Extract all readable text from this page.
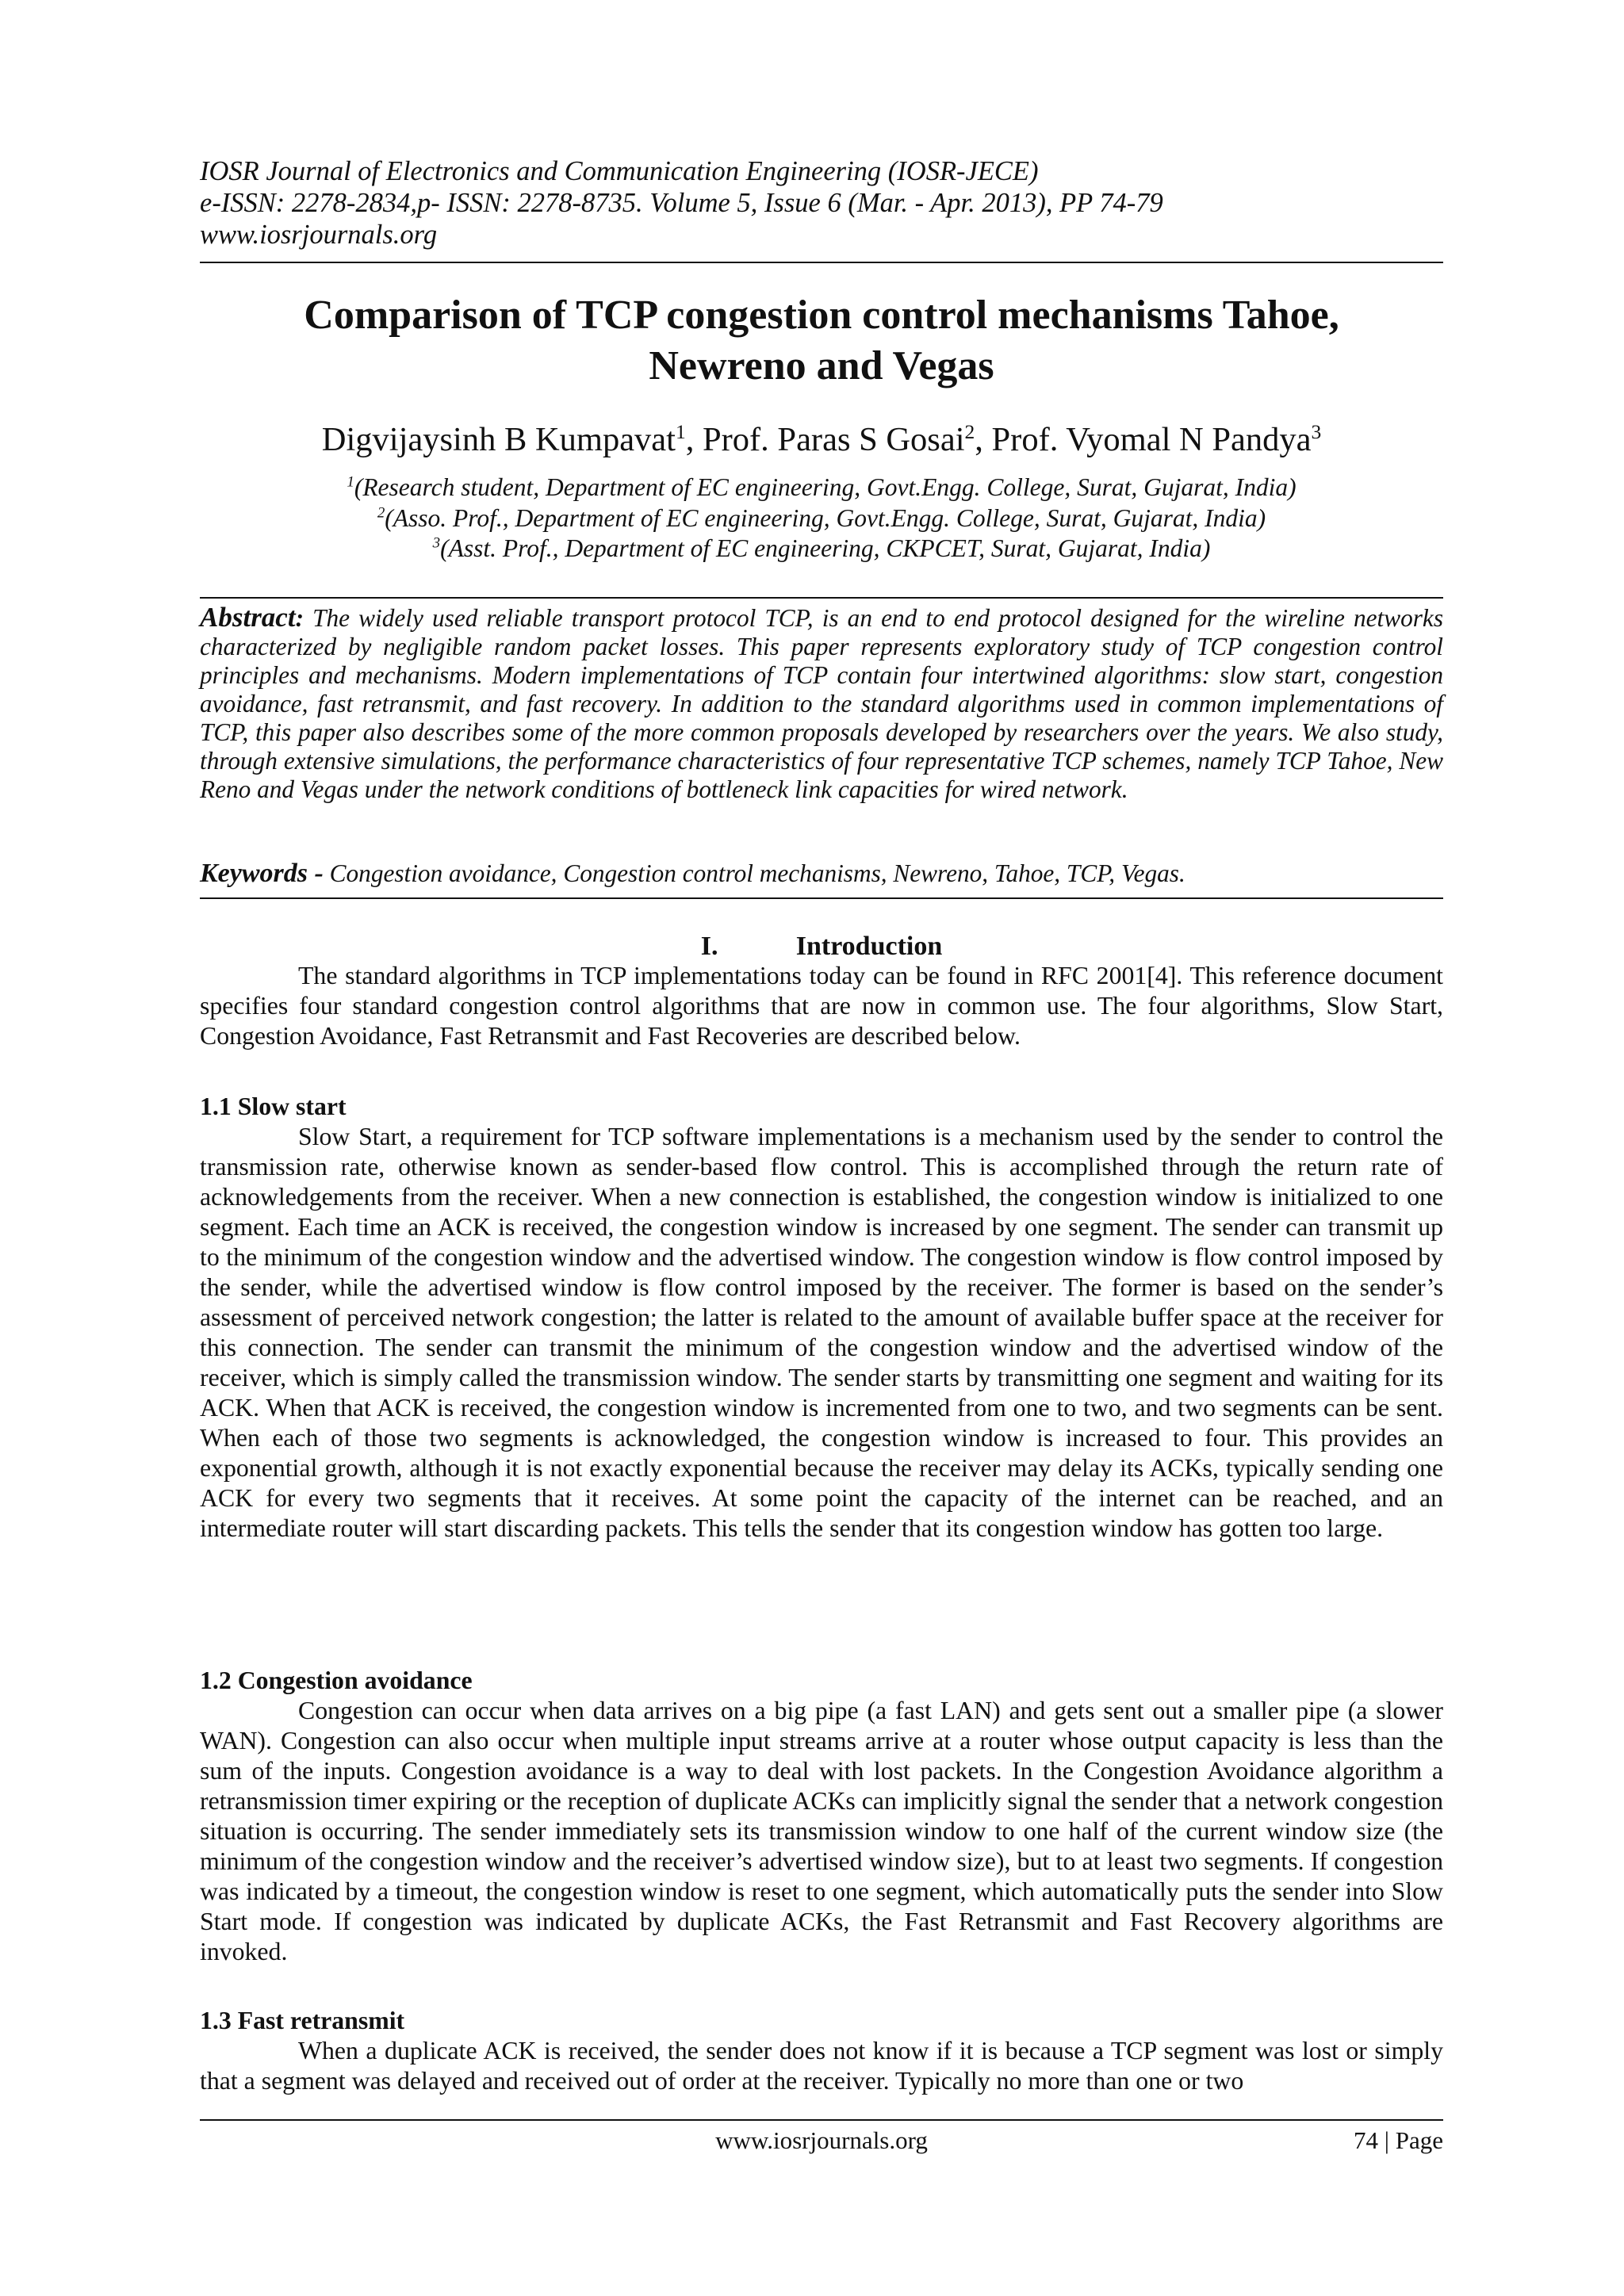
IOSR Journal of Electronics and Communication Engineering (IOSR-JECE)
e-ISSN: 2278-2834,p- ISSN: 2278-8735. Volume 5, Issue 6 (Mar. - Apr. 2013), PP 74-79
www.iosrjournals.org
Comparison of TCP congestion control mechanisms Tahoe,
Newreno and Vegas
Digvijaysinh B Kumpavat$^1$, Prof. Paras S Gosai$^2$, Prof. Vyomal N Pandya$^3$
$^1$(Research student, Department of EC engineering, Govt.Engg. College, Surat, Gujarat, India)
$^2$(Asso. Prof., Department of EC engineering, Govt.Engg. College, Surat, Gujarat, India)
$^3$(Asst. Prof., Department of EC engineering, CKPCET, Surat, Gujarat, India)
Abstract: The widely used reliable transport protocol TCP, is an end to end protocol designed for the wireline networks characterized by negligible random packet losses. This paper represents exploratory study of TCP congestion control principles and mechanisms. Modern implementations of TCP contain four intertwined algorithms: slow start, congestion avoidance, fast retransmit, and fast recovery. In addition to the standard algorithms used in common implementations of TCP, this paper also describes some of the more common proposals developed by researchers over the years. We also study, through extensive simulations, the performance characteristics of four representative TCP schemes, namely TCP Tahoe, New Reno and Vegas under the network conditions of bottleneck link capacities for wired network.
Keywords - Congestion avoidance, Congestion control mechanisms, Newreno, Tahoe, TCP, Vegas.
I.	Introduction
The standard algorithms in TCP implementations today can be found in RFC 2001[4]. This reference document specifies four standard congestion control algorithms that are now in common use. The four algorithms, Slow Start, Congestion Avoidance, Fast Retransmit and Fast Recoveries are described below.
1.1 Slow start
Slow Start, a requirement for TCP software implementations is a mechanism used by the sender to control the transmission rate, otherwise known as sender-based flow control. This is accomplished through the return rate of acknowledgements from the receiver. When a new connection is established, the congestion window is initialized to one segment. Each time an ACK is received, the congestion window is increased by one segment. The sender can transmit up to the minimum of the congestion window and the advertised window. The congestion window is flow control imposed by the sender, while the advertised window is flow control imposed by the receiver. The former is based on the sender’s assessment of perceived network congestion; the latter is related to the amount of available buffer space at the receiver for this connection. The sender can transmit the minimum of the congestion window and the advertised window of the receiver, which is simply called the transmission window. The sender starts by transmitting one segment and waiting for its ACK. When that ACK is received, the congestion window is incremented from one to two, and two segments can be sent. When each of those two segments is acknowledged, the congestion window is increased to four. This provides an exponential growth, although it is not exactly exponential because the receiver may delay its ACKs, typically sending one ACK for every two segments that it receives. At some point the capacity of the internet can be reached, and an intermediate router will start discarding packets. This tells the sender that its congestion window has gotten too large.
1.2 Congestion avoidance
Congestion can occur when data arrives on a big pipe (a fast LAN) and gets sent out a smaller pipe (a slower WAN). Congestion can also occur when multiple input streams arrive at a router whose output capacity is less than the sum of the inputs. Congestion avoidance is a way to deal with lost packets. In the Congestion Avoidance algorithm a retransmission timer expiring or the reception of duplicate ACKs can implicitly signal the sender that a network congestion situation is occurring. The sender immediately sets its transmission window to one half of the current window size (the minimum of the congestion window and the receiver’s advertised window size), but to at least two segments. If congestion was indicated by a timeout, the congestion window is reset to one segment, which automatically puts the sender into Slow Start mode. If congestion was indicated by duplicate ACKs, the Fast Retransmit and Fast Recovery algorithms are invoked.
1.3 Fast retransmit
When a duplicate ACK is received, the sender does not know if it is because a TCP segment was lost or simply that a segment was delayed and received out of order at the receiver. Typically no more than one or two
www.iosrjournals.org	74 | Page
